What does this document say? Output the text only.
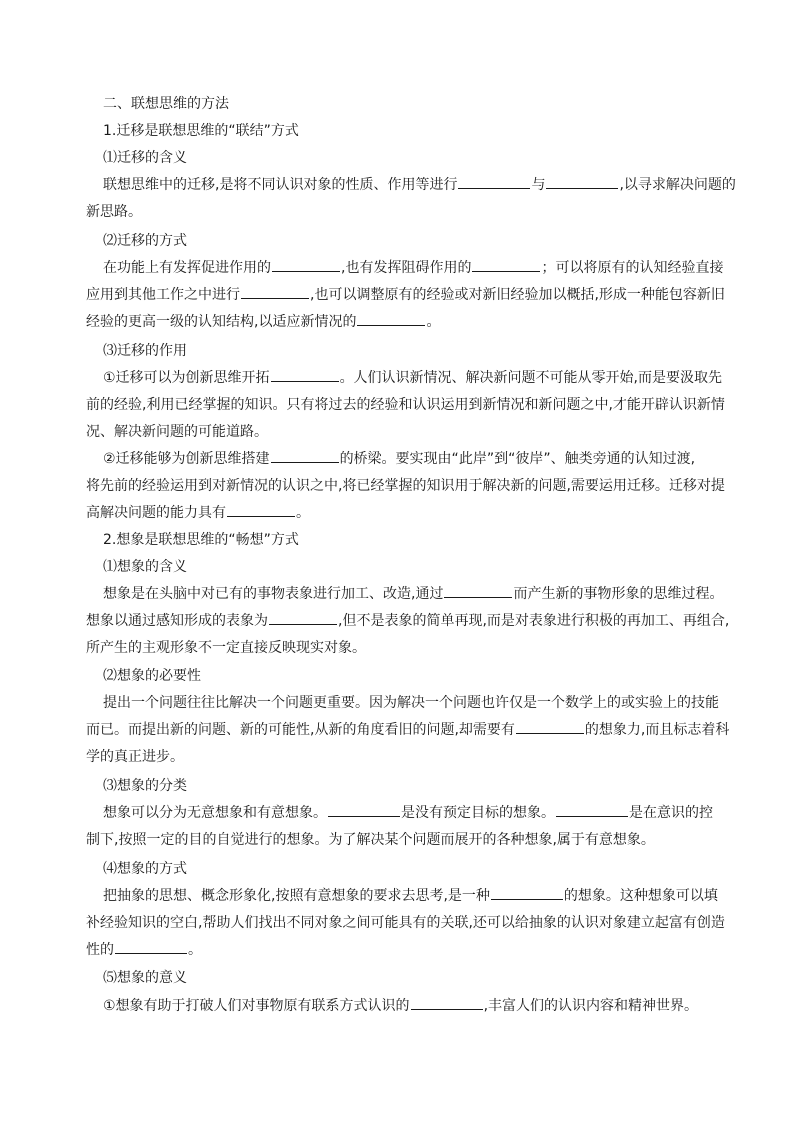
二、联想思维的方法
1.迁移是联想思维的“联结”方式
⑴迁移的含义
联想思维中的迁移,是将不同认识对象的性质、作用等进行	与	,以寻求解决问题的
新思路。
⑵迁移的方式
在功能上有发挥促进作用的	,也有发挥阻碍作用的	；可以将原有的认知经验直接
应用到其他工作之中进行	,也可以调整原有的经验或对新旧经验加以概括,形成一种能包容新旧
经验的更高一级的认知结构,以适应新情况的	。
⑶迁移的作用
①迁移可以为创新思维开拓	。人们认识新情况、解决新问题不可能从零开始,而是要汲取先
前的经验,利用已经掌握的知识。只有将过去的经验和认识运用到新情况和新问题之中,才能开辟认识新情
况、解决新问题的可能道路。
②迁移能够为创新思维搭建	的桥梁。要实现由“此岸”到“彼岸”、触类旁通的认知过渡,
将先前的经验运用到对新情况的认识之中,将已经掌握的知识用于解决新的问题,需要运用迁移。迁移对提
高解决问题的能力具有	。
2.想象是联想思维的“畅想”方式
⑴想象的含义
想象是在头脑中对已有的事物表象进行加工、改造,通过	而产生新的事物形象的思维过程。
想象以通过感知形成的表象为	,但不是表象的简单再现,而是对表象进行积极的再加工、再组合,
所产生的主观形象不一定直接反映现实对象。
⑵想象的必要性
提出一个问题往往比解决一个问题更重要。因为解决一个问题也许仅是一个数学上的或实验上的技能
而已。而提出新的问题、新的可能性,从新的角度看旧的问题,却需要有	的想象力,而且标志着科
学的真正进步。
⑶想象的分类
想象可以分为无意想象和有意想象。	是没有预定目标的想象。	是在意识的控
制下,按照一定的目的自觉进行的想象。为了解决某个问题而展开的各种想象,属于有意想象。
⑷想象的方式
把抽象的思想、概念形象化,按照有意想象的要求去思考,是一种	的想象。这种想象可以填
补经验知识的空白,帮助人们找出不同对象之间可能具有的关联,还可以给抽象的认识对象建立起富有创造
性的	。
⑸想象的意义
①想象有助于打破人们对事物原有联系方式认识的	,丰富人们的认识内容和精神世界。
